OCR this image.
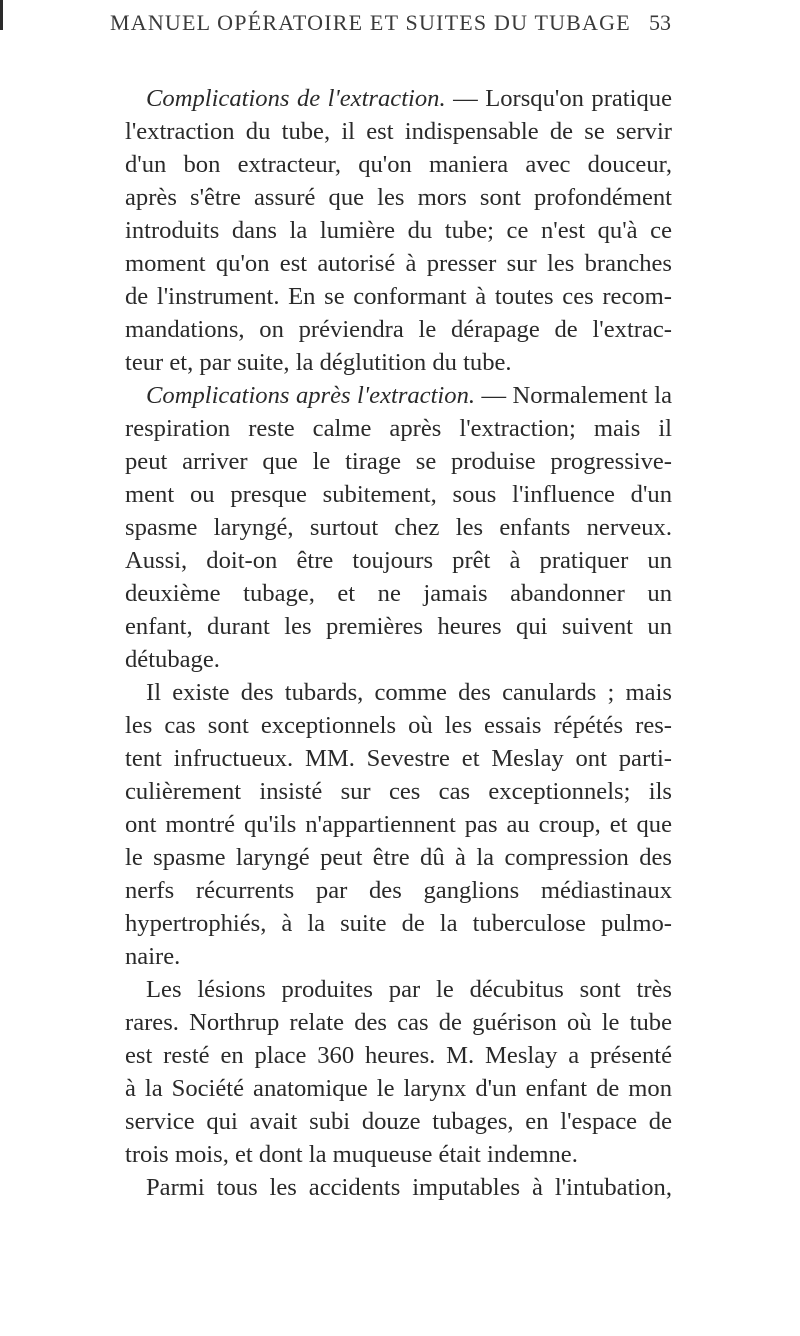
MANUEL OPÉRATOIRE ET SUITES DU TUBAGE 53
Complications de l'extraction. — Lorsqu'on pratique
l'extraction du tube, il est indispensable de se servir
d'un bon extracteur, qu'on maniera avec douceur,
après s'être assuré que les mors sont profondément
introduits dans la lumière du tube; ce n'est qu'à ce
moment qu'on est autorisé à presser sur les branches
de l'instrument. En se conformant à toutes ces recom-
mandations, on préviendra le dérapage de l'extrac-
teur et, par suite, la déglutition du tube.
Complications après l'extraction. — Normalement la
respiration reste calme après l'extraction; mais il
peut arriver que le tirage se produise progressive-
ment ou presque subitement, sous l'influence d'un
spasme laryngé, surtout chez les enfants nerveux.
Aussi, doit-on être toujours prêt à pratiquer un
deuxième tubage, et ne jamais abandonner un
enfant, durant les premières heures qui suivent un
détubage.
Il existe des tubards, comme des canulards ; mais
les cas sont exceptionnels où les essais répétés res-
tent infructueux. MM. Sevestre et Meslay ont parti-
culièrement insisté sur ces cas exceptionnels; ils
ont montré qu'ils n'appartiennent pas au croup, et que
le spasme laryngé peut être dû à la compression des
nerfs récurrents par des ganglions médiastinaux
hypertrophiés, à la suite de la tuberculose pulmo-
naire.
Les lésions produites par le décubitus sont très
rares. Northrup relate des cas de guérison où le tube
est resté en place 360 heures. M. Meslay a présenté
à la Société anatomique le larynx d'un enfant de mon
service qui avait subi douze tubages, en l'espace de
trois mois, et dont la muqueuse était indemne.
Parmi tous les accidents imputables à l'intubation,
